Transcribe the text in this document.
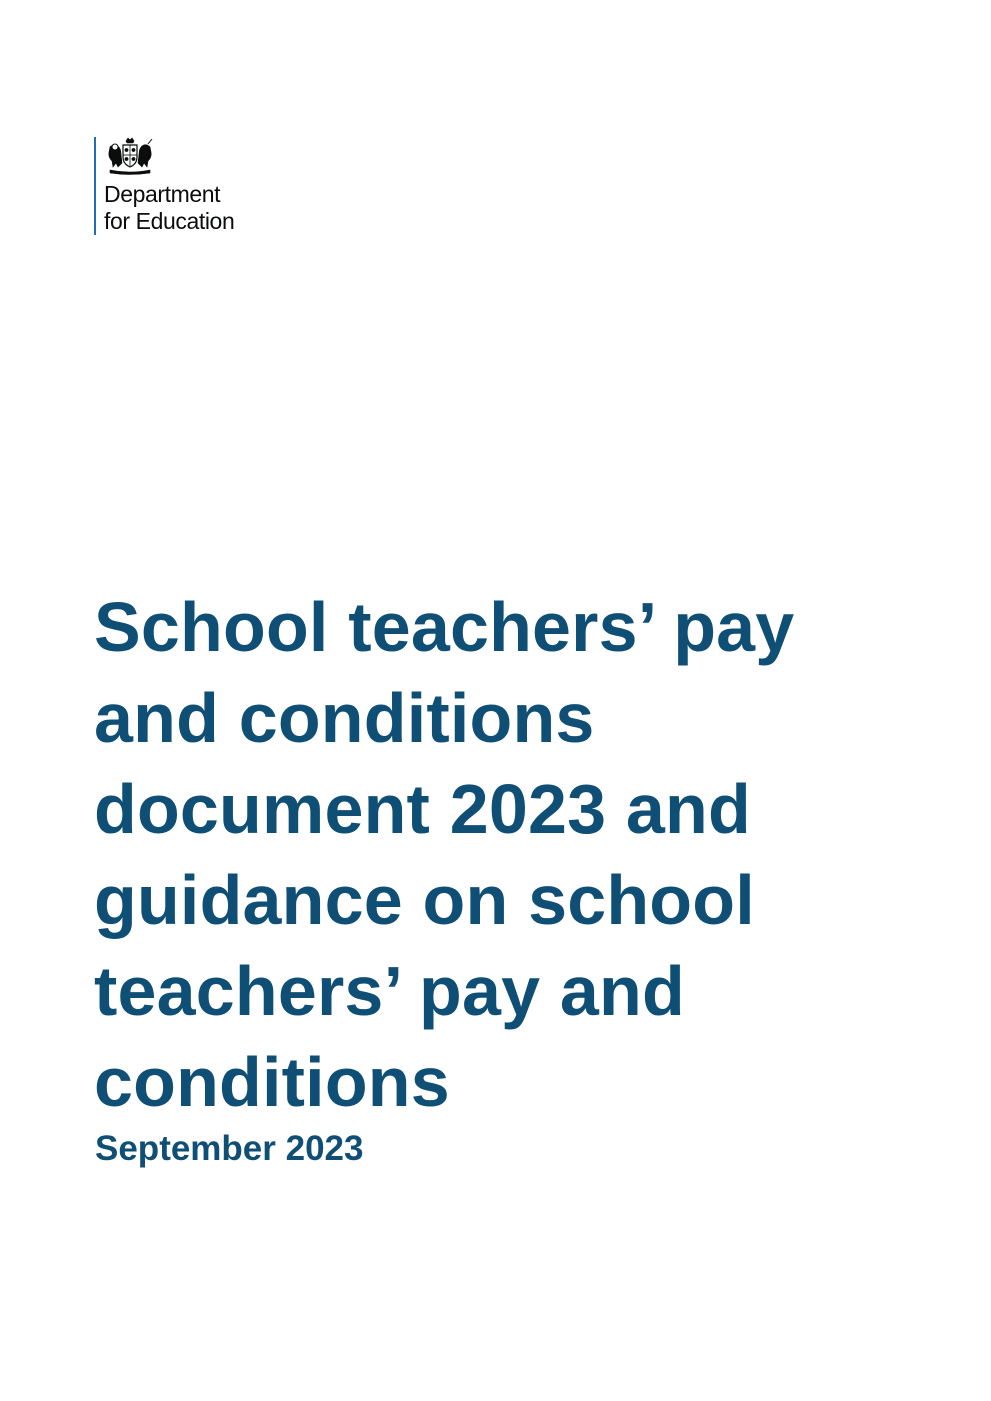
Department
for Education
School teachers’ pay and conditions document 2023 and guidance on school teachers’ pay and conditions

September 2023
